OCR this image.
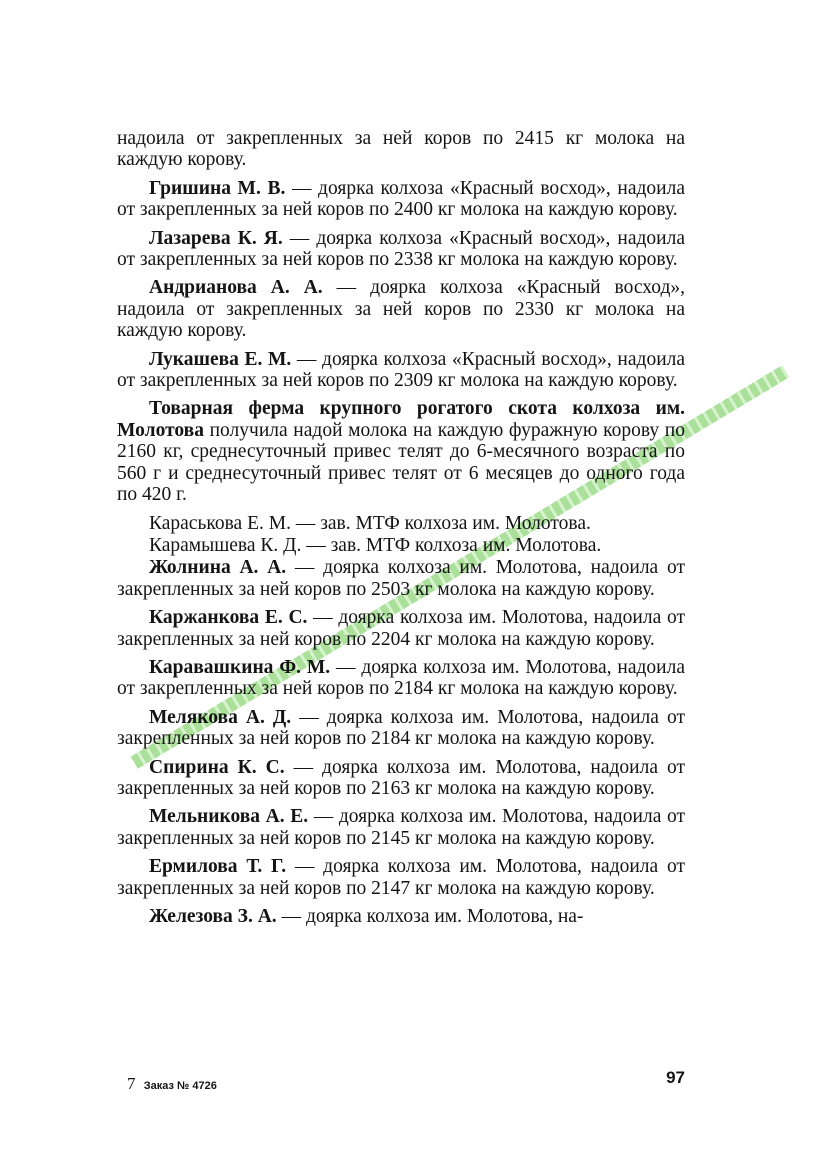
надоила от закрепленных за ней коров по 2415 кг молока на каждую корову.

Гришина М. В. — доярка колхоза «Красный восход», надоила от закрепленных за ней коров по 2400 кг молока на каждую корову.

Лазарева К. Я. — доярка колхоза «Красный восход», надоила от закрепленных за ней коров по 2338 кг молока на каждую корову.

Андрианова А. А. — доярка колхоза «Красный восход», надоила от закрепленных за ней коров по 2330 кг молока на каждую корову.

Лукашева Е. М. — доярка колхоза «Красный восход», надоила от закрепленных за ней коров по 2309 кг молока на каждую корову.

Товарная ферма крупного рогатого скота колхоза им. Молотова получила надой молока на каждую фуражную корову по 2160 кг, среднесуточный привес телят до 6-месячного возраста по 560 г и среднесуточный привес телят от 6 месяцев до одного года по 420 г.

Караськова Е. М. — зав. МТФ колхоза им. Молотова.

Карамышева К. Д. — зав. МТФ колхоза им. Молотова.

Жолнина А. А. — доярка колхоза им. Молотова, надоила от закрепленных за ней коров по 2503 кг молока на каждую корову.

Каржанкова Е. С. — доярка колхоза им. Молотова, надоила от закрепленных за ней коров по 2204 кг молока на каждую корову.

Каравашкина Ф. М. — доярка колхоза им. Молотова, надоила от закрепленных за ней коров по 2184 кг молока на каждую корову.

Мелякова А. Д. — доярка колхоза им. Молотова, надоила от закрепленных за ней коров по 2184 кг молока на каждую корову.

Спирина К. С. — доярка колхоза им. Молотова, надоила от закрепленных за ней коров по 2163 кг молока на каждую корову.

Мельникова А. Е. — доярка колхоза им. Молотова, надоила от закрепленных за ней коров по 2145 кг молока на каждую корову.

Ермилова Т. Г. — доярка колхоза им. Молотова, надоила от закрепленных за ней коров по 2147 кг молока на каждую корову.

Железова З. А. — доярка колхоза им. Молотова, на-

7 Заказ № 4726	97
